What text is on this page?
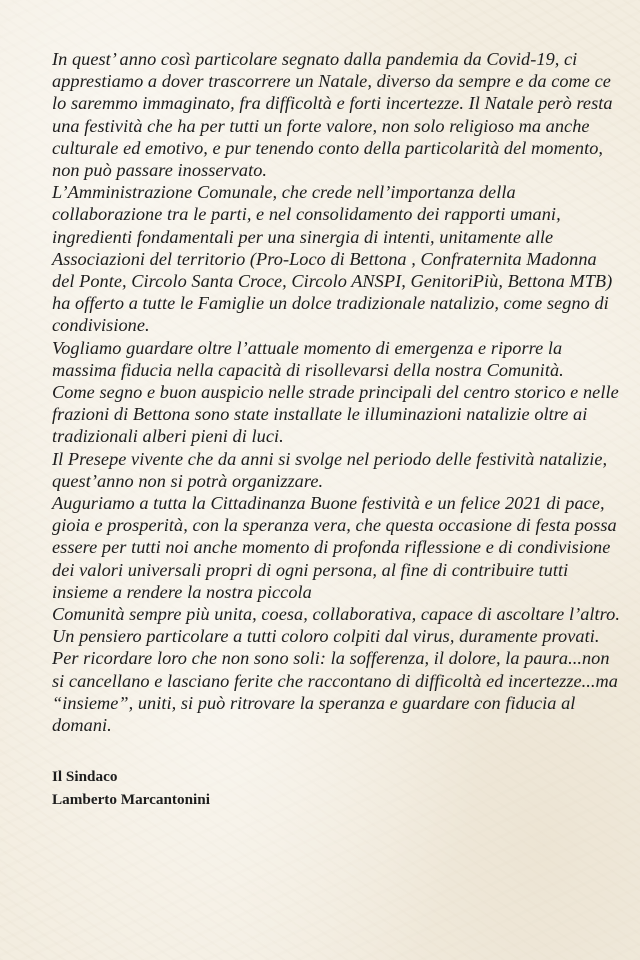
In quest’ anno così particolare segnato dalla pandemia da Covid-19, ci apprestiamo a dover trascorrere un Natale, diverso da sempre e da come ce lo saremmo immaginato, fra difficoltà e forti incertezze. Il Natale però resta una festività che ha per tutti un forte valore, non solo religioso ma anche culturale ed emotivo, e pur tenendo conto della particolarità del momento, non può passare inosservato.

L’Amministrazione Comunale, che crede nell’importanza della collaborazione tra le parti, e nel consolidamento dei rapporti umani, ingredienti fondamentali per una sinergia di intenti, unitamente alle Associazioni del territorio (Pro-Loco di Bettona , Confraternita Madonna del Ponte, Circolo Santa Croce, Circolo ANSPI, GenitoriPiù, Bettona MTB) ha offerto a tutte le Famiglie un dolce tradizionale natalizio, come segno di condivisione.

Vogliamo guardare oltre l’attuale momento di emergenza e riporre la massima fiducia nella capacità di risollevarsi della nostra Comunità.

Come segno e buon auspicio nelle strade principali del centro storico e nelle frazioni di Bettona sono state installate le illuminazioni natalizie oltre ai tradizionali alberi pieni di luci.

Il Presepe vivente che da anni si svolge nel periodo delle festività natalizie, quest’anno non si potrà organizzare.

Auguriamo a tutta la Cittadinanza Buone festività e un felice 2021 di pace, gioia e prosperità, con la speranza vera, che questa occasione di festa possa essere per tutti noi anche momento di profonda riflessione e di condivisione dei valori universali propri di ogni persona, al fine di contribuire tutti insieme a rendere la nostra piccola

Comunità sempre più unita, coesa, collaborativa, capace di ascoltare l’altro. Un pensiero particolare a tutti coloro colpiti dal virus, duramente provati. Per ricordare loro che non sono soli: la sofferenza, il dolore, la paura...non si cancellano e lasciano ferite che raccontano di difficoltà ed incertezze...ma “insieme”, uniti, si può ritrovare la speranza e guardare con fiducia al domani.

Il Sindaco
Lamberto Marcantonini
